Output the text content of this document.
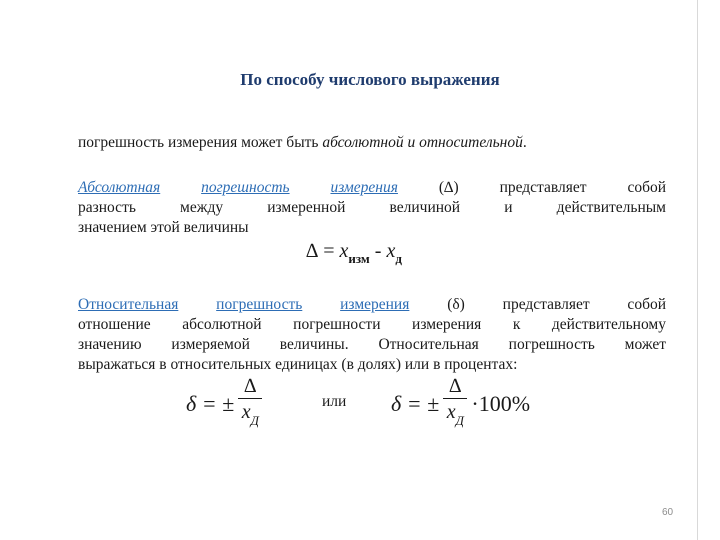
По способу числового выражения
погрешность измерения может быть абсолютной и относительной.
Абсолютная	погрешность	измерения (∆) представляет собой
разность между измеренной величиной и действительным
значением этой величины
∆ = $x_{изм} - x_д$
Относительная погрешность измерения (δ) представляет собой
отношение абсолютной погрешности измерения к действительному
значению измеряемой величины. Относительная погрешность может
выражаться в относительных единицах (в долях) или в процентах:
δ = ± $\frac{\Delta}{x_Д}$	или δ = ± $\frac{\Delta}{x_Д} \cdot 100\%$
60
